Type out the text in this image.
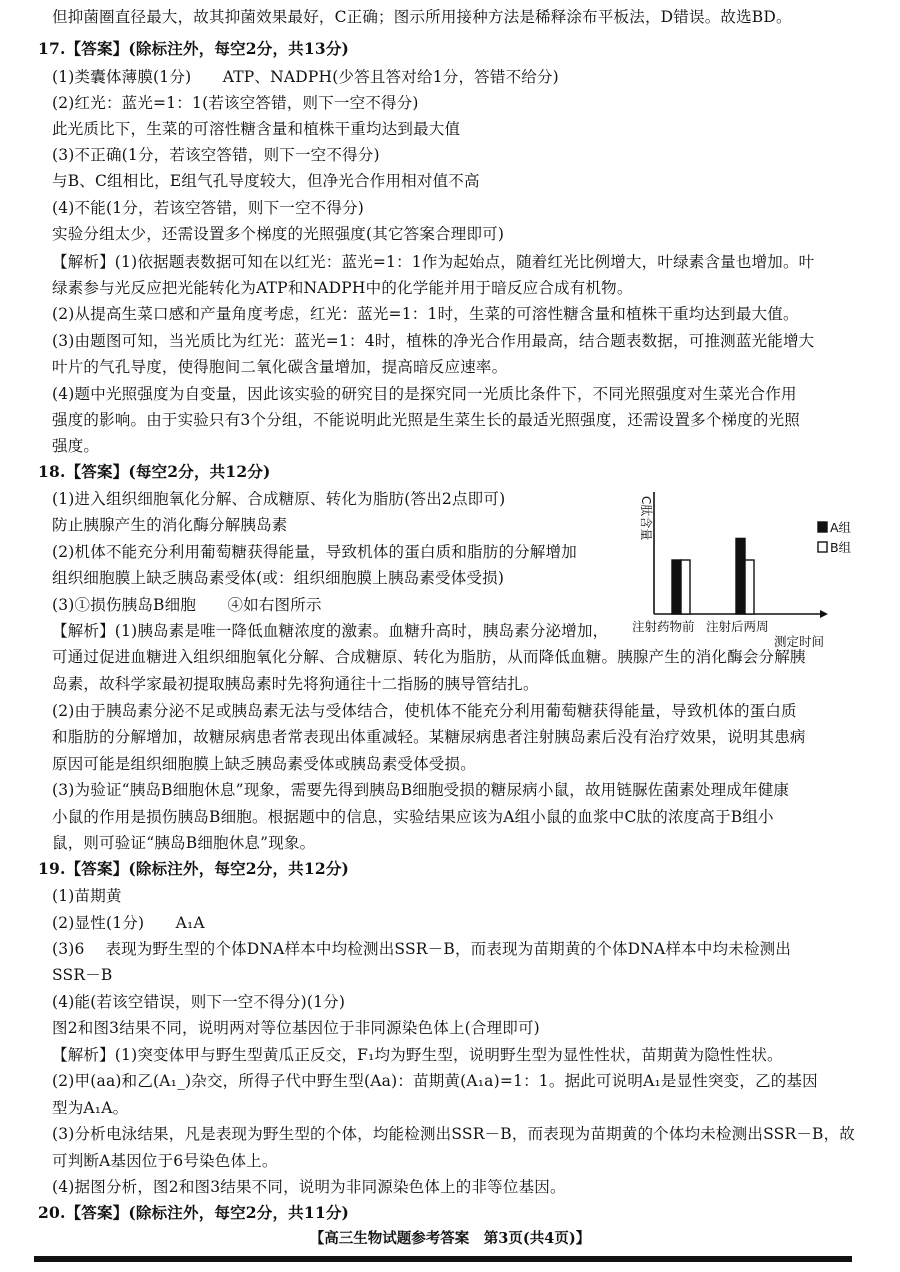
但抑菌圈直径最大，故其抑菌效果最好，C正确；图示所用接种方法是稀释涂布平板法，D错误。故选BD。
17.【答案】(除标注外，每空2分，共13分)
(1)类囊体薄膜(1分)　　ATP、NADPH(少答且答对给1分，答错不给分)
(2)红光：蓝光=1：1(若该空答错，则下一空不得分)
此光质比下，生菜的可溶性糖含量和植株干重均达到最大值
(3)不正确(1分，若该空答错，则下一空不得分)
与B、C组相比，E组气孔导度较大，但净光合作用相对值不高
(4)不能(1分，若该空答错，则下一空不得分)
实验分组太少，还需设置多个梯度的光照强度(其它答案合理即可)
【解析】(1)依据题表数据可知在以红光：蓝光=1：1作为起始点，随着红光比例增大，叶绿素含量也增加。叶
绿素参与光反应把光能转化为ATP和NADPH中的化学能并用于暗反应合成有机物。
(2)从提高生菜口感和产量角度考虑，红光：蓝光=1：1时，生菜的可溶性糖含量和植株干重均达到最大值。
(3)由题图可知，当光质比为红光：蓝光=1：4时，植株的净光合作用最高，结合题表数据，可推测蓝光能增大
叶片的气孔导度，使得胞间二氧化碳含量增加，提高暗反应速率。
(4)题中光照强度为自变量，因此该实验的研究目的是探究同一光质比条件下，不同光照强度对生菜光合作用
强度的影响。由于实验只有3个分组，不能说明此光照是生菜生长的最适光照强度，还需设置多个梯度的光照
强度。
18.【答案】(每空2分，共12分)
(1)进入组织细胞氧化分解、合成糖原、转化为脂肪(答出2点即可)
防止胰腺产生的消化酶分解胰岛素
(2)机体不能充分利用葡萄糖获得能量，导致机体的蛋白质和脂肪的分解增加
组织细胞膜上缺乏胰岛素受体(或：组织细胞膜上胰岛素受体受损)
(3)①损伤胰岛B细胞　　④如右图所示
【解析】(1)胰岛素是唯一降低血糖浓度的激素。血糖升高时，胰岛素分泌增加，
可通过促进血糖进入组织细胞氧化分解、合成糖原、转化为脂肪，从而降低血糖。胰腺产生的消化酶会分解胰
岛素，故科学家最初提取胰岛素时先将狗通往十二指肠的胰导管结扎。
(2)由于胰岛素分泌不足或胰岛素无法与受体结合，使机体不能充分利用葡萄糖获得能量，导致机体的蛋白质
和脂肪的分解增加，故糖尿病患者常表现出体重减轻。某糖尿病患者注射胰岛素后没有治疗效果，说明其患病
原因可能是组织细胞膜上缺乏胰岛素受体或胰岛素受体受损。
(3)为验证“胰岛B细胞休息”现象，需要先得到胰岛B细胞受损的糖尿病小鼠，故用链脲佐菌素处理成年健康
小鼠的作用是损伤胰岛B细胞。根据题中的信息，实验结果应该为A组小鼠的血浆中C肽的浓度高于B组小
鼠，则可验证“胰岛B细胞休息”现象。
19.【答案】(除标注外，每空2分，共12分)
(1)苗期黄
(2)显性(1分)　　A₁A
(3)6　 表现为野生型的个体DNA样本中均检测出SSR－B，而表现为苗期黄的个体DNA样本中均未检测出
SSR－B
(4)能(若该空错误，则下一空不得分)(1分)
图2和图3结果不同，说明两对等位基因位于非同源染色体上(合理即可)
【解析】(1)突变体甲与野生型黄瓜正反交，F₁均为野生型，说明野生型为显性性状，苗期黄为隐性性状。
(2)甲(aa)和乙(A₁_)杂交，所得子代中野生型(Aa)：苗期黄(A₁a)=1：1。据此可说明A₁是显性突变，乙的基因
型为A₁A。
(3)分析电泳结果，凡是表现为野生型的个体，均能检测出SSR－B，而表现为苗期黄的个体均未检测出SSR－B，故
可判断A基因位于6号染色体上。
(4)据图分析，图2和图3结果不同，说明为非同源染色体上的非等位基因。
20.【答案】(除标注外，每空2分，共11分)
【高三生物试题参考答案　第3页(共4页)】
C肽含量
注射药物前 注射后两周
测定时间
A组
B组
